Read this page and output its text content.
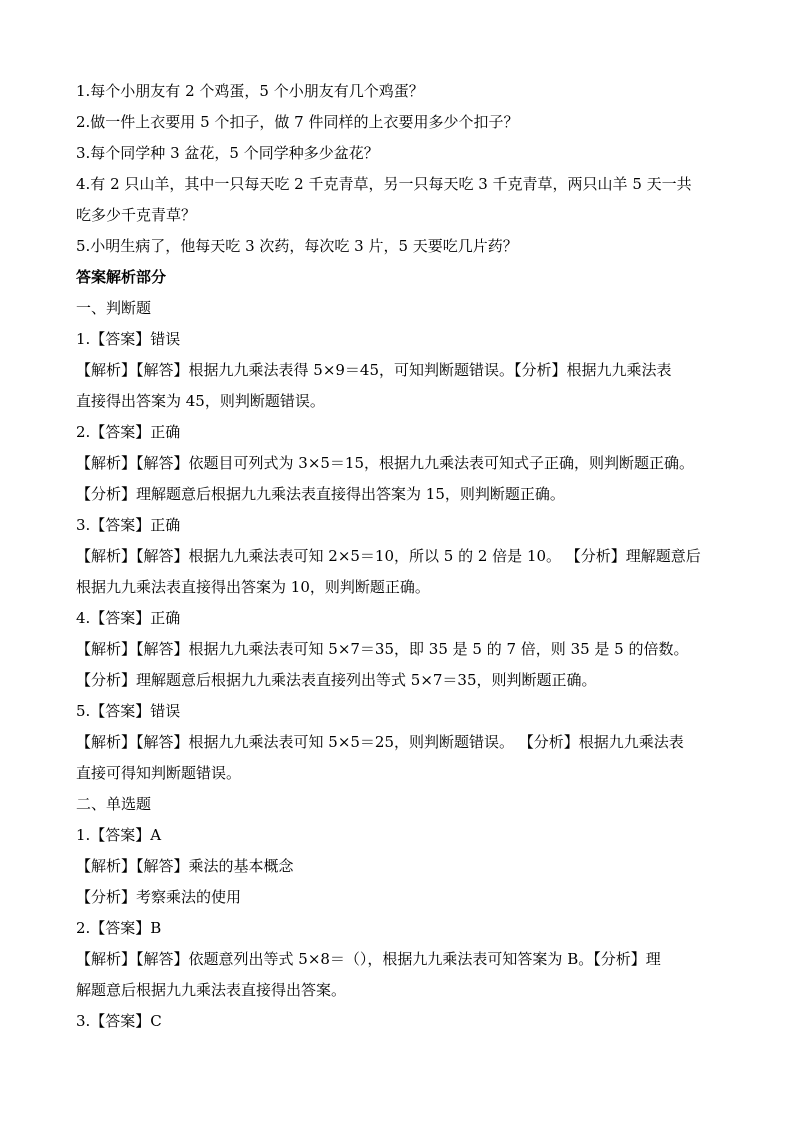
1.每个小朋友有 2 个鸡蛋，5 个小朋友有几个鸡蛋？
2.做一件上衣要用 5 个扣子，做 7 件同样的上衣要用多少个扣子？
3.每个同学种 3 盆花，5 个同学种多少盆花？
4.有 2 只山羊，其中一只每天吃 2 千克青草，另一只每天吃 3 千克青草，两只山羊 5 天一共
吃多少千克青草？
5.小明生病了，他每天吃 3 次药，每次吃 3 片，5 天要吃几片药？
答案解析部分
一、判断题
1.【答案】错误
【解析】【解答】根据九九乘法表得 5×9＝45，可知判断题错误。【分析】根据九九乘法表
直接得出答案为 45，则判断题错误。
2.【答案】正确
【解析】【解答】依题目可列式为 3×5＝15，根据九九乘法表可知式子正确，则判断题正确。
【分析】理解题意后根据九九乘法表直接得出答案为 15，则判断题正确。
3.【答案】正确
【解析】【解答】根据九九乘法表可知 2×5＝10，所以 5 的 2 倍是 10。 【分析】理解题意后
根据九九乘法表直接得出答案为 10，则判断题正确。
4.【答案】正确
【解析】【解答】根据九九乘法表可知 5×7＝35，即 35 是 5 的 7 倍，则 35 是 5 的倍数。
【分析】理解题意后根据九九乘法表直接列出等式 5×7＝35，则判断题正确。
5.【答案】错误
【解析】【解答】根据九九乘法表可知 5×5＝25，则判断题错误。 【分析】根据九九乘法表
直接可得知判断题错误。
二、单选题
1.【答案】A
【解析】【解答】乘法的基本概念
【分析】考察乘法的使用
2.【答案】B
【解析】【解答】依题意列出等式 5×8＝（），根据九九乘法表可知答案为 B。【分析】理
解题意后根据九九乘法表直接得出答案。
3.【答案】C
